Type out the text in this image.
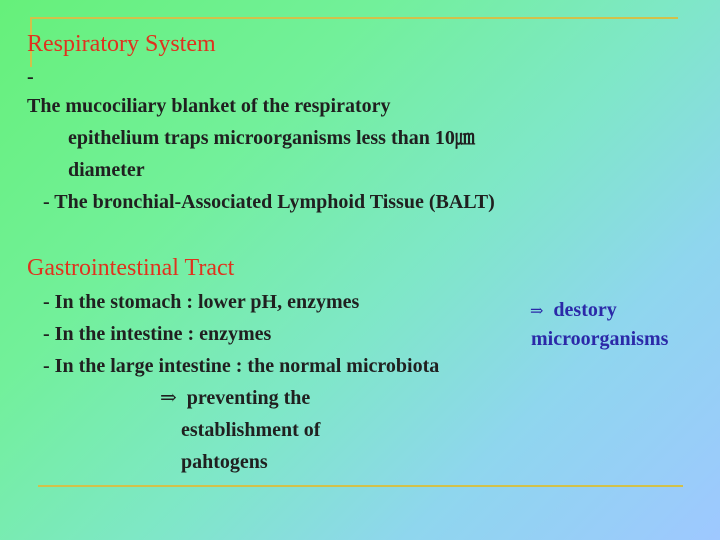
Respiratory System

-

The mucociliary blanket of the respiratory

epithelium traps microorganisms less than 10㎛

diameter

- The bronchial-Associated Lymphoid Tissue (BALT)

Gastrointestinal Tract

- In the stomach : lower pH, enzymes

- In the intestine : enzymes

- In the large intestine : the normal microbiota

⇒ preventing the

establishment of

pahtogens

⇒ destory

microorganisms
